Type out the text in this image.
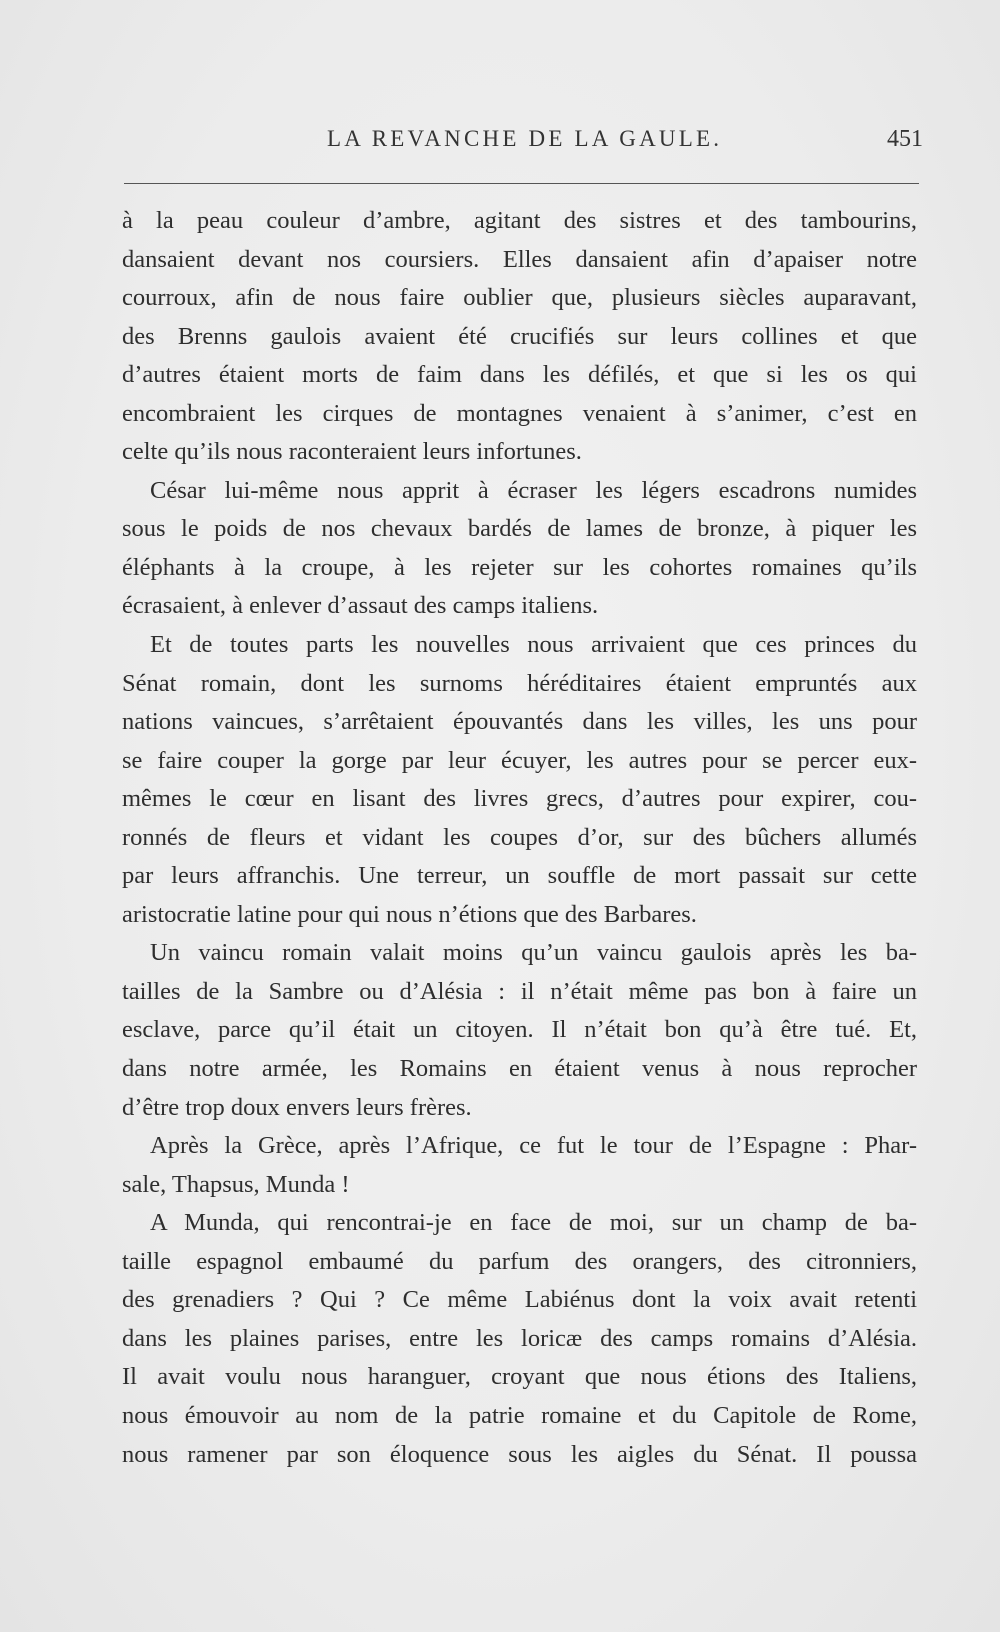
LA REVANCHE DE LA GAULE.	451
à la peau couleur d’ambre, agitant des sistres et des tambourins,
dansaient devant nos coursiers. Elles dansaient afin d’apaiser notre
courroux, afin de nous faire oublier que, plusieurs siècles auparavant,
des Brenns gaulois avaient été crucifiés sur leurs collines et que
d’autres étaient morts de faim dans les défilés, et que si les os qui
encombraient les cirques de montagnes venaient à s’animer, c’est en
celte qu’ils nous raconteraient leurs infortunes.
César lui-même nous apprit à écraser les légers escadrons numides
sous le poids de nos chevaux bardés de lames de bronze, à piquer les
éléphants à la croupe, à les rejeter sur les cohortes romaines qu’ils
écrasaient, à enlever d’assaut des camps italiens.
Et de toutes parts les nouvelles nous arrivaient que ces princes du
Sénat romain, dont les surnoms héréditaires étaient empruntés aux
nations vaincues, s’arrêtaient épouvantés dans les villes, les uns pour
se faire couper la gorge par leur écuyer, les autres pour se percer eux-
mêmes le cœur en lisant des livres grecs, d’autres pour expirer, cou-
ronnés de fleurs et vidant les coupes d’or, sur des bûchers allumés
par leurs affranchis. Une terreur, un souffle de mort passait sur cette
aristocratie latine pour qui nous n’étions que des Barbares.
Un vaincu romain valait moins qu’un vaincu gaulois après les ba-
tailles de la Sambre ou d’Alésia : il n’était même pas bon à faire un
esclave, parce qu’il était un citoyen. Il n’était bon qu’à être tué. Et,
dans notre armée, les Romains en étaient venus à nous reprocher
d’être trop doux envers leurs frères.
Après la Grèce, après l’Afrique, ce fut le tour de l’Espagne : Phar-
sale, Thapsus, Munda !
A Munda, qui rencontrai-je en face de moi, sur un champ de ba-
taille espagnol embaumé du parfum des orangers, des citronniers,
des grenadiers ? Qui ? Ce même Labiénus dont la voix avait retenti
dans les plaines parises, entre les loricæ des camps romains d’Alésia.
Il avait voulu nous haranguer, croyant que nous étions des Italiens,
nous émouvoir au nom de la patrie romaine et du Capitole de Rome,
nous ramener par son éloquence sous les aigles du Sénat. Il poussa
